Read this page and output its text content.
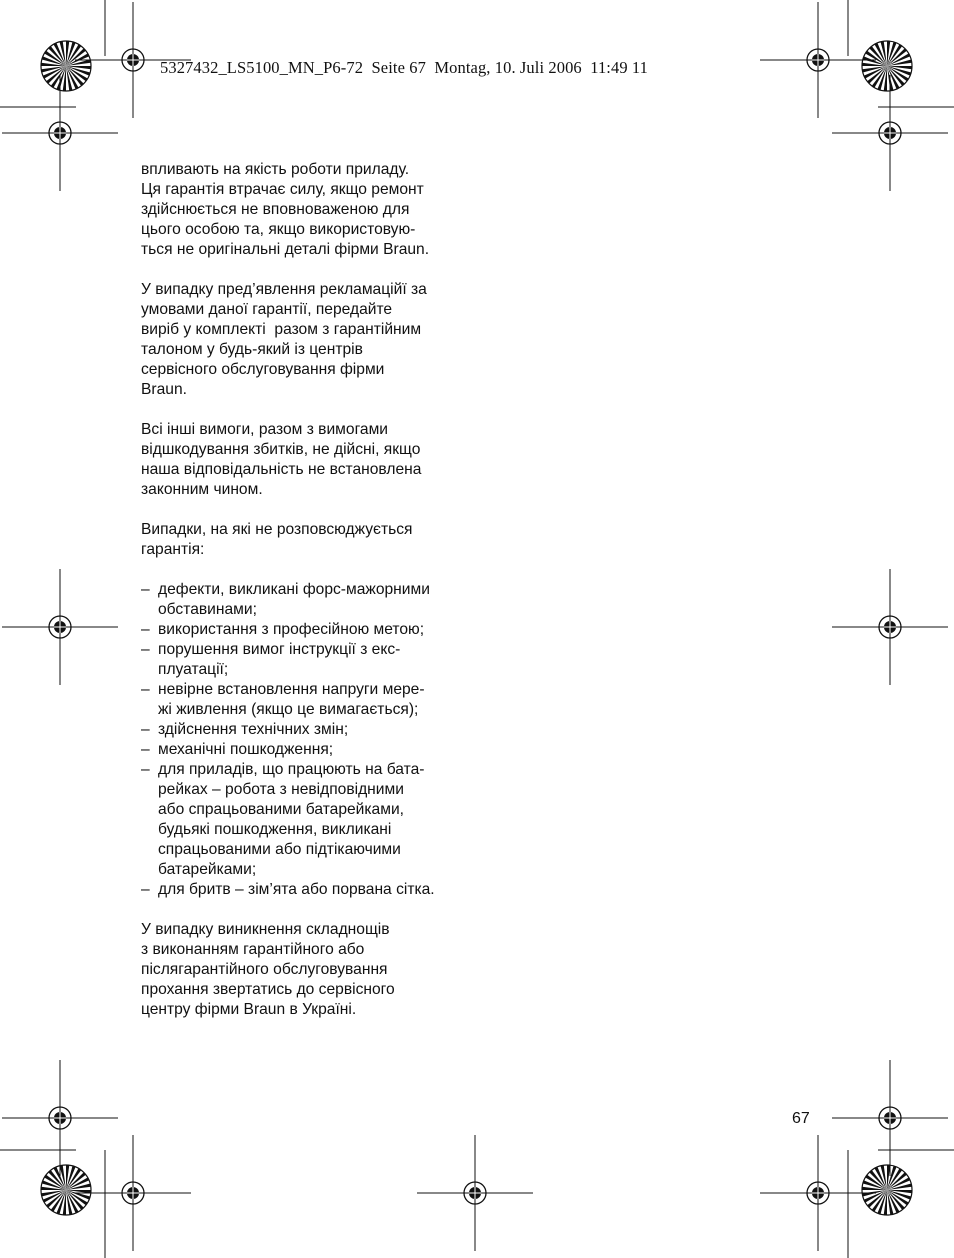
5327432_LS5100_MN_P6-72  Seite 67  Montag, 10. Juli 2006  11:49 11
впливають на якість роботи приладу.
Ця гарантія втрачає силу, якщо ремонт
здійснюється не вповноваженою для
цього особою та, якщо використовую-
ться не оригінальні деталі фірми Braun.
У випадку пред’явлення рекламаційї за
умовами даної гарантії, передайте
виріб у комплекті  разом з гарантійним
талоном у будь-який із центрів
сервісного обслуговування фірми
Braun.
Всі інші вимоги, разом з вимогами
відшкодування збитків, не дійсні, якщо
наша відповідальність не встановлена
законним чином.
Випадки, на які не розповсюджується
гарантія:
– дефекти, викликані форс-мажорними
обставинами;
– використання з професійною метою;
– порушення вимог інструкції з екс-
плуатації;
– невірне встановлення напруги мере-
жі живлення (якщо це вимагається);
– здійснення технічних змін;
– механічні пошкодження;
– для приладів, що працюють на бата-
рейках – робота з невідповідними
або спрацьованими батарейками,
будьякі пошкодження, викликані
спрацьованими або підтікаючими
батарейками;
– для бритв – зім’ята або порвана сітка.
У випадку виникнення складнощів
з виконанням гарантійного або
післягарантійного обслуговування
прохання звертатись до сервісного
центру фірми Braun в Україні.
67
